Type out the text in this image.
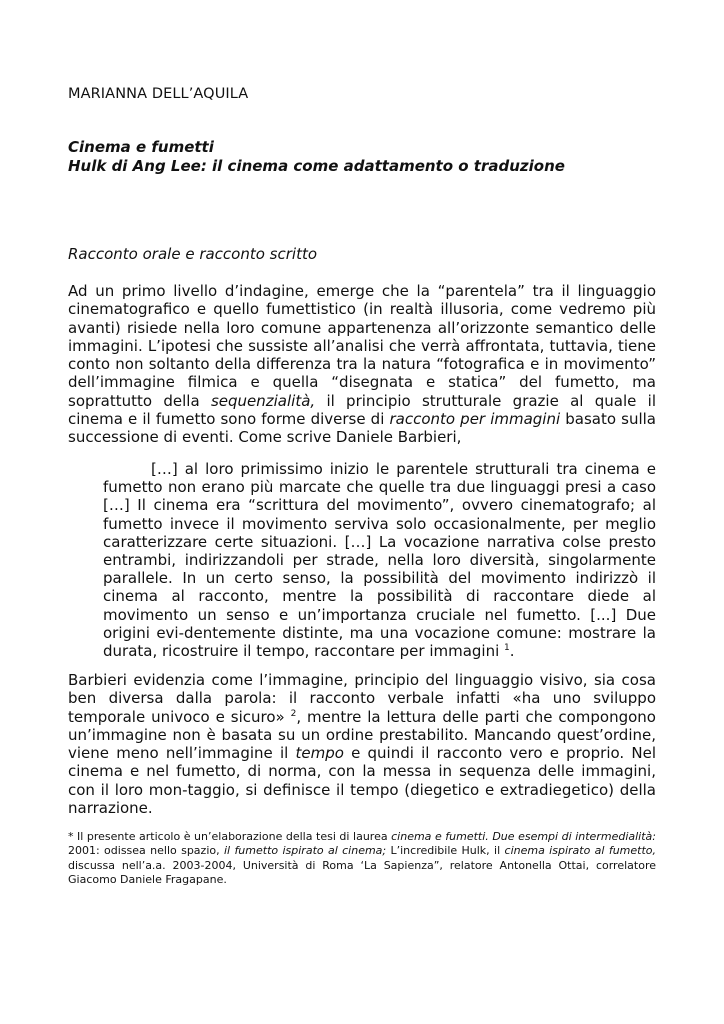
MARIANNA DELL’AQUILA

Cinema e fumetti
Hulk di Ang Lee: il cinema come adattamento o traduzione

Racconto orale e racconto scritto

Ad un primo livello d’indagine, emerge che la “parentela” tra il linguaggio cinematografico e quello fumettistico (in realtà illusoria, come vedremo più avanti) risiede nella loro comune appartenenza all’orizzonte semantico delle immagini. L’ipotesi che sussiste all’analisi che verrà affrontata, tuttavia, tiene conto non soltanto della differenza tra la natura “fotografica e in movimento” dell’immagine filmica e quella “disegnata e statica” del fumetto, ma soprattutto della sequenzialità, il principio strutturale grazie al quale il cinema e il fumetto sono forme diverse di racconto per immagini basato sulla successione di eventi. Come scrive Daniele Barbieri,

[…] al loro primissimo inizio le parentele strutturali tra cinema e fumetto non erano più marcate che quelle tra due linguaggi presi a caso […] Il cinema era “scrittura del movimento”, ovvero cinematografo; al fumetto invece il movimento serviva solo occasionalmente, per meglio caratterizzare certe situazioni. […] La vocazione narrativa colse presto entrambi, indirizzandoli per strade, nella loro diversità, singolarmente parallele. In un certo senso, la possibilità del movimento indirizzò il cinema al racconto, mentre la possibilità di raccontare diede al movimento un senso e un’importanza cruciale nel fumetto. [...] Due origini evi-dentemente distinte, ma una vocazione comune: mostrare la durata, ricostruire il tempo, raccontare per immagini $^1$.

Barbieri evidenzia come l’immagine, principio del linguaggio visivo, sia cosa ben diversa dalla parola: il racconto verbale infatti «ha uno sviluppo temporale univoco e sicuro» $^2$, mentre la lettura delle parti che compongono un’immagine non è basata su un ordine prestabilito. Mancando quest’ordine, viene meno nell’immagine il tempo e quindi il racconto vero e proprio. Nel cinema e nel fumetto, di norma, con la messa in sequenza delle immagini, con il loro mon-taggio, si definisce il tempo (diegetico e extradiegetico) della narrazione.

* Il presente articolo è un’elaborazione della tesi di laurea cinema e fumetti. Due esempi di intermedialità: 2001: odissea nello spazio, il fumetto ispirato al cinema; L’incredibile Hulk, il cinema ispirato al fumetto, discussa nell’a.a. 2003-2004, Università di Roma ‘La Sapienza”, relatore Antonella Ottai, correlatore Giacomo Daniele Fragapane.
